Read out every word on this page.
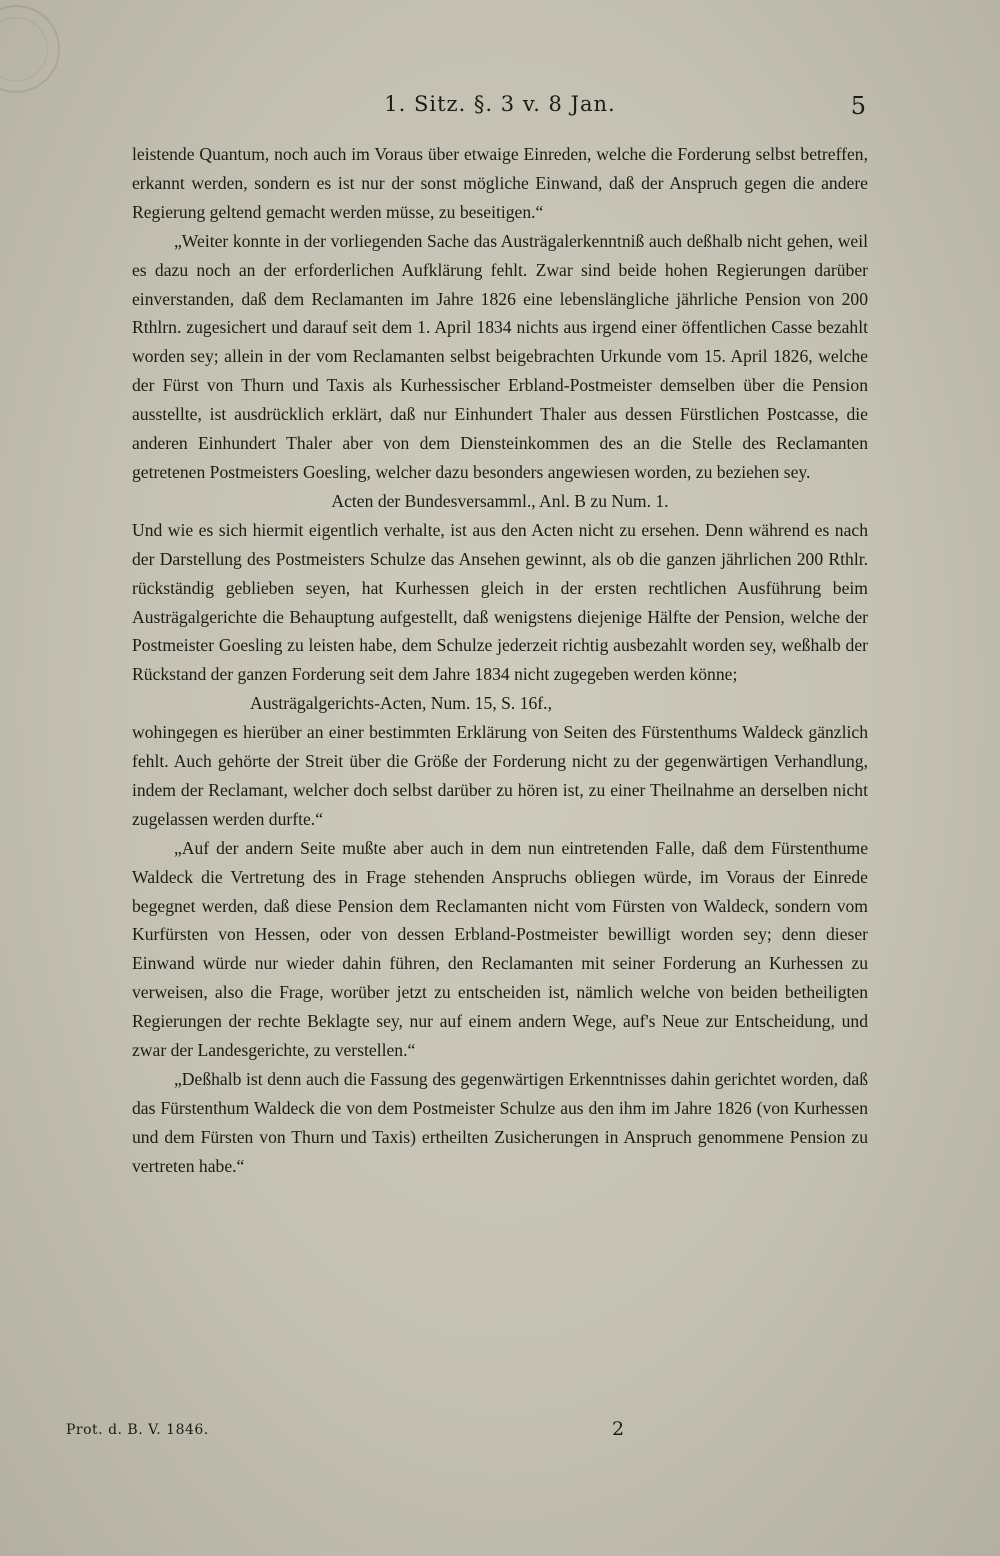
1. Sitz. §. 3 v. 8 Jan.	5

leistende Quantum, noch auch im Voraus über etwaige Einreden, welche die Forderung selbst betreffen, erkannt werden, sondern es ist nur der sonst mögliche Einwand, daß der Anspruch gegen die andere Regierung geltend gemacht werden müsse, zu beseitigen.“

„Weiter konnte in der vorliegenden Sache das Austrägalerkenntniß auch deßhalb nicht gehen, weil es dazu noch an der erforderlichen Aufklärung fehlt. Zwar sind beide hohen Regierungen darüber einverstanden, daß dem Reclamanten im Jahre 1826 eine lebenslängliche jährliche Pension von 200 Rthlrn. zugesichert und darauf seit dem 1. April 1834 nichts aus irgend einer öffentlichen Casse bezahlt worden sey; allein in der vom Reclamanten selbst beigebrachten Urkunde vom 15. April 1826, welche der Fürst von Thurn und Taxis als Kurhessischer Erbland-Postmeister demselben über die Pension ausstellte, ist ausdrücklich erklärt, daß nur Einhundert Thaler aus dessen Fürstlichen Postcasse, die anderen Einhundert Thaler aber von dem Diensteinkommen des an die Stelle des Reclamanten getretenen Postmeisters Goesling, welcher dazu besonders angewiesen worden, zu beziehen sey.

Acten der Bundesversamml., Anl. B zu Num. 1.

Und wie es sich hiermit eigentlich verhalte, ist aus den Acten nicht zu ersehen. Denn während es nach der Darstellung des Postmeisters Schulze das Ansehen gewinnt, als ob die ganzen jährlichen 200 Rthlr. rückständig geblieben seyen, hat Kurhessen gleich in der ersten rechtlichen Ausführung beim Austrägalgerichte die Behauptung aufgestellt, daß wenigstens diejenige Hälfte der Pension, welche der Postmeister Goesling zu leisten habe, dem Schulze jederzeit richtig ausbezahlt worden sey, weßhalb der Rückstand der ganzen Forderung seit dem Jahre 1834 nicht zugegeben werden könne;

Austrägalgerichts-Acten, Num. 15, S. 16f.,

wohingegen es hierüber an einer bestimmten Erklärung von Seiten des Fürstenthums Waldeck gänzlich fehlt. Auch gehörte der Streit über die Größe der Forderung nicht zu der gegenwärtigen Verhandlung, indem der Reclamant, welcher doch selbst darüber zu hören ist, zu einer Theilnahme an derselben nicht zugelassen werden durfte.“

„Auf der andern Seite mußte aber auch in dem nun eintretenden Falle, daß dem Fürstenthume Waldeck die Vertretung des in Frage stehenden Anspruchs obliegen würde, im Voraus der Einrede begegnet werden, daß diese Pension dem Reclamanten nicht vom Fürsten von Waldeck, sondern vom Kurfürsten von Hessen, oder von dessen Erbland-Postmeister bewilligt worden sey; denn dieser Einwand würde nur wieder dahin führen, den Reclamanten mit seiner Forderung an Kurhessen zu verweisen, also die Frage, worüber jetzt zu entscheiden ist, nämlich welche von beiden betheiligten Regierungen der rechte Beklagte sey, nur auf einem andern Wege, auf's Neue zur Entscheidung, und zwar der Landesgerichte, zu verstellen.“

„Deßhalb ist denn auch die Fassung des gegenwärtigen Erkenntnisses dahin gerichtet worden, daß das Fürstenthum Waldeck die von dem Postmeister Schulze aus den ihm im Jahre 1826 (von Kurhessen und dem Fürsten von Thurn und Taxis) ertheilten Zusicherungen in Anspruch genommene Pension zu vertreten habe.“

Prot. d. B. V. 1846.	2
